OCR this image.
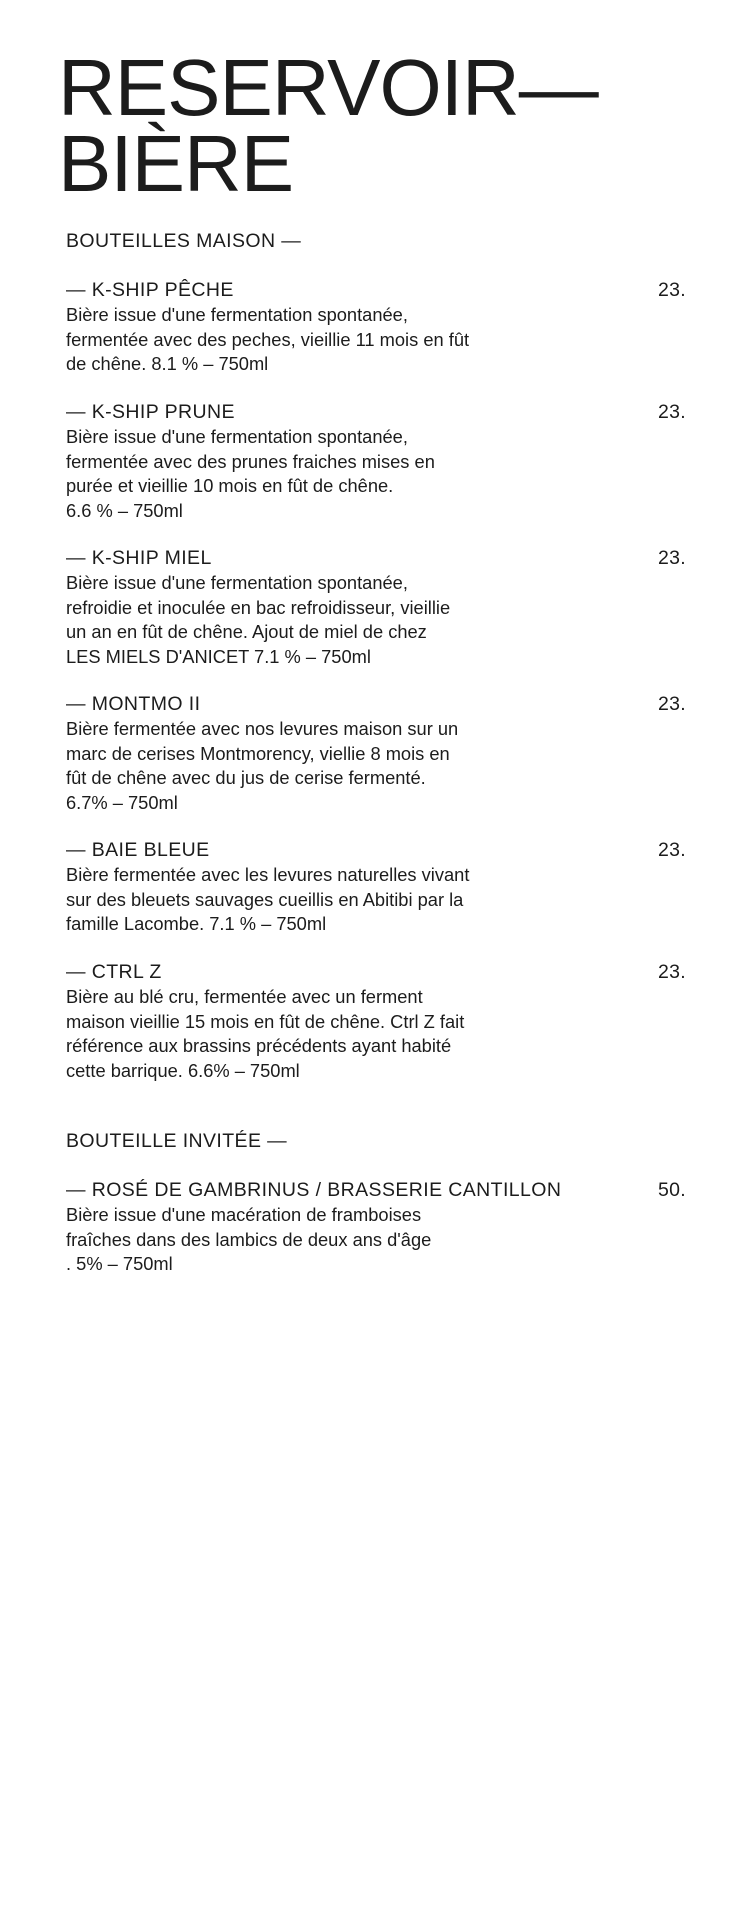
RESERVOIR—
BIÈRE
BOUTEILLES MAISON —
— K-SHIP PÊCHE	23.

Bière issue d'une fermentation spontanée,
fermentée avec des peches, vieillie 11 mois en fût
de chêne. 8.1 % – 750ml

— K-SHIP PRUNE	23.

Bière issue d'une fermentation spontanée,
fermentée avec des prunes fraiches mises en
purée et vieillie 10 mois en fût de chêne.
6.6 % – 750ml

— K-SHIP MIEL	23.

Bière issue d'une fermentation spontanée,
refroidie et inoculée en bac refroidisseur, vieillie
un an en fût de chêne. Ajout de miel de chez
LES MIELS D'ANICET 7.1 % – 750ml

— MONTMO II	23.

Bière fermentée avec nos levures maison sur un
marc de cerises Montmorency, viellie 8 mois en
fût de chêne avec du jus de cerise fermenté.
6.7% – 750ml

— BAIE BLEUE	23.

Bière fermentée avec les levures naturelles vivant
sur des bleuets sauvages cueillis en Abitibi par la
famille Lacombe. 7.1 % – 750ml

— CTRL Z	23.

Bière au blé cru, fermentée avec un ferment
maison vieillie 15 mois en fût de chêne. Ctrl Z fait
référence aux brassins précédents ayant habité
cette barrique. 6.6% – 750ml

BOUTEILLE INVITÉE —
— ROSÉ DE GAMBRINUS / BRASSERIE CANTILLON	50.

Bière issue d'une macération de framboises
fraîches dans des lambics de deux ans d'âge
. 5% – 750ml
